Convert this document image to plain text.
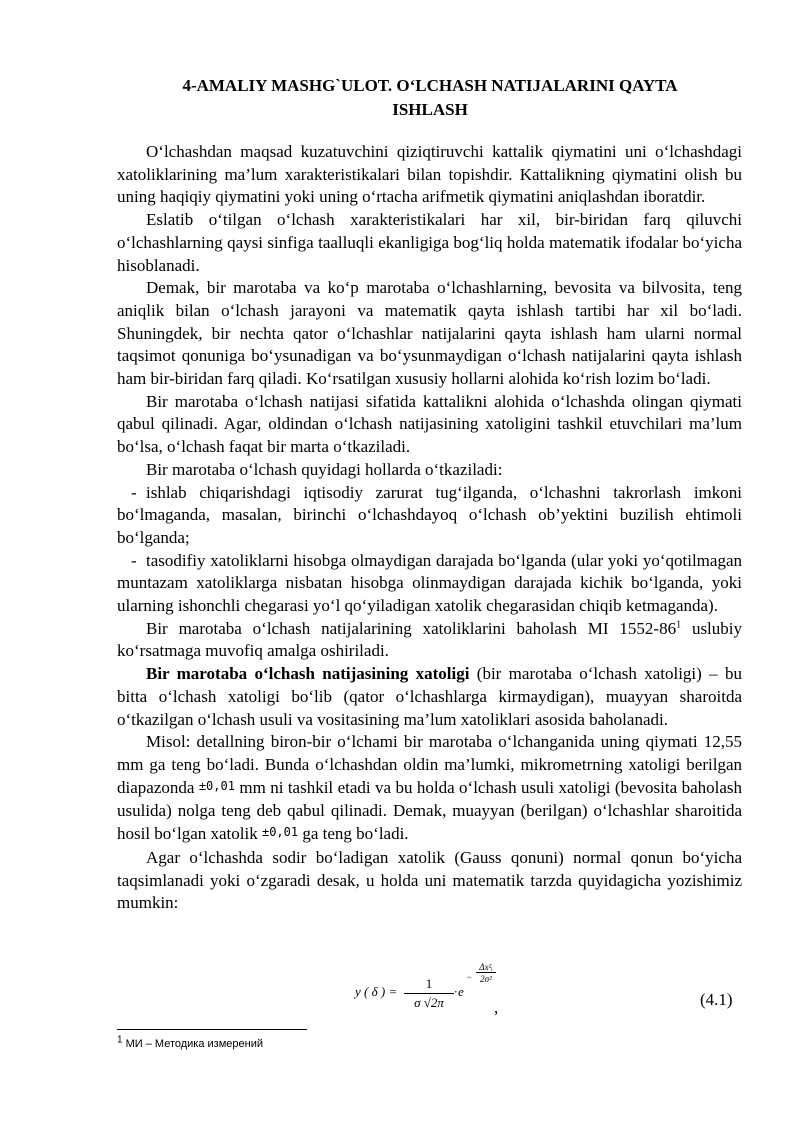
4-AMALIY MASHG`ULOT. O‘LCHASH NATIJALARINI QAYTA
ISHLASH

O‘lchashdan maqsad kuzatuvchini qiziqtiruvchi kattalik qiymatini uni o‘lchashdagi xatoliklarining ma’lum xarakteristikalari bilan topishdir. Kattalikning qiymatini olish bu uning haqiqiy qiymatini yoki uning o‘rtacha arifmetik qiymatini aniqlashdan iboratdir.

Eslatib o‘tilgan o‘lchash xarakteristikalari har xil, bir-biridan farq qiluvchi o‘lchashlarning qaysi sinfiga taalluqli ekanligiga bog‘liq holda matematik ifodalar bo‘yicha hisoblanadi.

Demak, bir marotaba va ko‘p marotaba o‘lchashlarning, bevosita va bilvosita, teng aniqlik bilan o‘lchash jarayoni va matematik qayta ishlash tartibi har xil bo‘ladi. Shuningdek, bir nechta qator o‘lchashlar natijalarini qayta ishlash ham ularni normal taqsimot qonuniga bo‘ysunadigan va bo‘ysunmaydigan o‘lchash natijalarini qayta ishlash ham bir-biridan farq qiladi. Ko‘rsatilgan xususiy hollarni alohida ko‘rish lozim bo‘ladi.

Bir marotaba o‘lchash natijasi sifatida kattalikni alohida o‘lchashda olingan qiymati qabul qilinadi. Agar, oldindan o‘lchash natijasining xatoligini tashkil etuvchilari ma’lum bo‘lsa, o‘lchash faqat bir marta o‘tkaziladi.

Bir marotaba o‘lchash quyidagi hollarda o‘tkaziladi:

- ishlab chiqarishdagi iqtisodiy zarurat tug‘ilganda, o‘lchashni takrorlash imkoni bo‘lmaganda, masalan, birinchi o‘lchashdayoq o‘lchash ob’yektini buzilish ehtimoli bo‘lganda;

- tasodifiy xatoliklarni hisobga olmaydigan darajada bo‘lganda (ular yoki yo‘qotilmagan muntazam xatoliklarga nisbatan hisobga olinmaydigan darajada kichik bo‘lganda, yoki ularning ishonchli chegarasi yo‘l qo‘yiladigan xatolik chegarasidan chiqib ketmaganda).

Bir marotaba o‘lchash natijalarining xatoliklarini baholash MI $1552-86^1$ uslubiy ko‘rsatmaga muvofiq amalga oshiriladi.

Bir marotaba o‘lchash natijasining xatoligi (bir marotaba o‘lchash xatoligi) – bu bitta o‘lchash xatoligi bo‘lib (qator o‘lchashlarga kirmaydigan), muayyan sharoitda o‘tkazilgan o‘lchash usuli va vositasining ma’lum xatoliklari asosida baholanadi.

Misol: detallning biron-bir o‘lchami bir marotaba o‘lchanganida uning qiymati 12,55 mm ga teng bo‘ladi. Bunda o‘lchashdan oldin ma’lumki, mikrometrning xatoligi berilgan diapazonda ±0,01 mm ni tashkil etadi va bu holda o‘lchash usuli xatoligi (bevosita baholash usulida) nolga teng deb qabul qilinadi. Demak, muayyan (berilgan) o‘lchashlar sharoitida hosil bo‘lgan xatolik ±0,01 ga teng bo‘ladi.

Agar o‘lchashda sodir bo‘ladigan xatolik (Gauss qonuni) normal qonun bo‘yicha taqsimlanadi yoki o‘zgaradi desak, u holda uni matematik tarzda quyidagicha yozishimiz mumkin:

y ( δ ) = $\frac{1}{\sigma √2\pi} \cdot e$
−
Δx²ᵢ
2σ²
,	(4.1)
$^1$ МИ – Методика измерений
